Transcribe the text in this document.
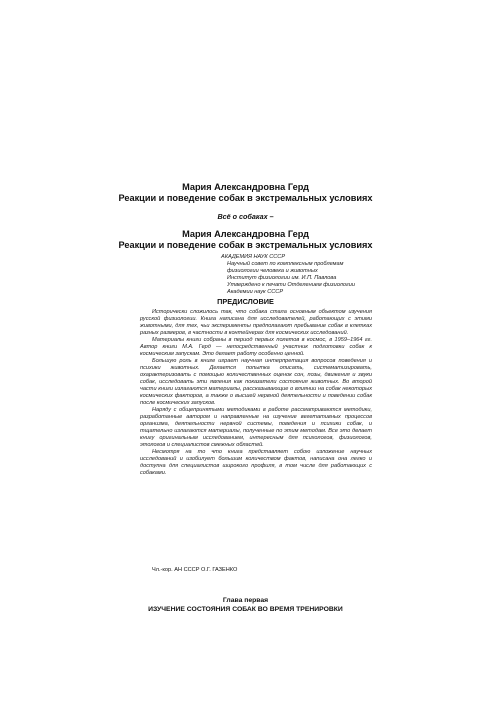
Мария Александровна Герд
Реакции и поведение собак в экстремальных условиях
Всё о собаках –
Мария Александровна Герд
Реакции и поведение собак в экстремальных условиях

АКАДЕМИЯ НАУК СССР

Научный совет по комплексным проблемам физиологии человека и животных

Институт физиологии им. И.П. Павлова

Утверждено к печати Отделением физиологии Академии наук СССР

ПРЕДИСЛОВИЕ

Исторически сложилось так, что собака стала основным объектом изучения русской физиологии. Книга написана для исследователей, работающих с этими животными, для тех, чьи эксперименты предполагают пребывание собак в клетках разных размеров, в частности в контейнерах для космических исследований.

Материалы книги собраны в период первых полетов в космос, в 1959–1964 гг. Автор книги М.А. Герд — непосредственный участник подготовки собак к космическим запускам. Это делает работу особенно ценной.

Большую роль в книге играет научная интерпретация вопросов поведения и психики животных. Делается попытка описать, систематизировать, охарактеризовать с помощью количественных оценок сон, позы, движения и звуки собак, исследовать эти явления как показатели состояния животных. Во второй части книги излагаются материалы, рассказывающие о влиянии на собак некоторых космических факторов, а также о высшей нервной деятельности и поведении собак после космических запусков.

Наряду с общепринятыми методиками в работе рассматриваются методики, разработанные автором и направленные на изучение вегетативных процессов организма, деятельности нервной системы, поведения и психики собак, и тщательно излагаются материалы, полученные по этим методам. Все это делает книгу оригинальным исследованием, интересным для психологов, физиологов, этологов и специалистов смежных областей.

Несмотря на то что книга представляет собою изложение научных исследований и изобилует большим количеством фактов, написана она легко и доступна для специалистов широкого профиля, в том числе для работающих с собаками.

Чл.-кор. АН СССР О.Г. ГАЗЕНКО
Глава первая
ИЗУЧЕНИЕ СОСТОЯНИЯ СОБАК ВО ВРЕМЯ ТРЕНИРОВКИ
